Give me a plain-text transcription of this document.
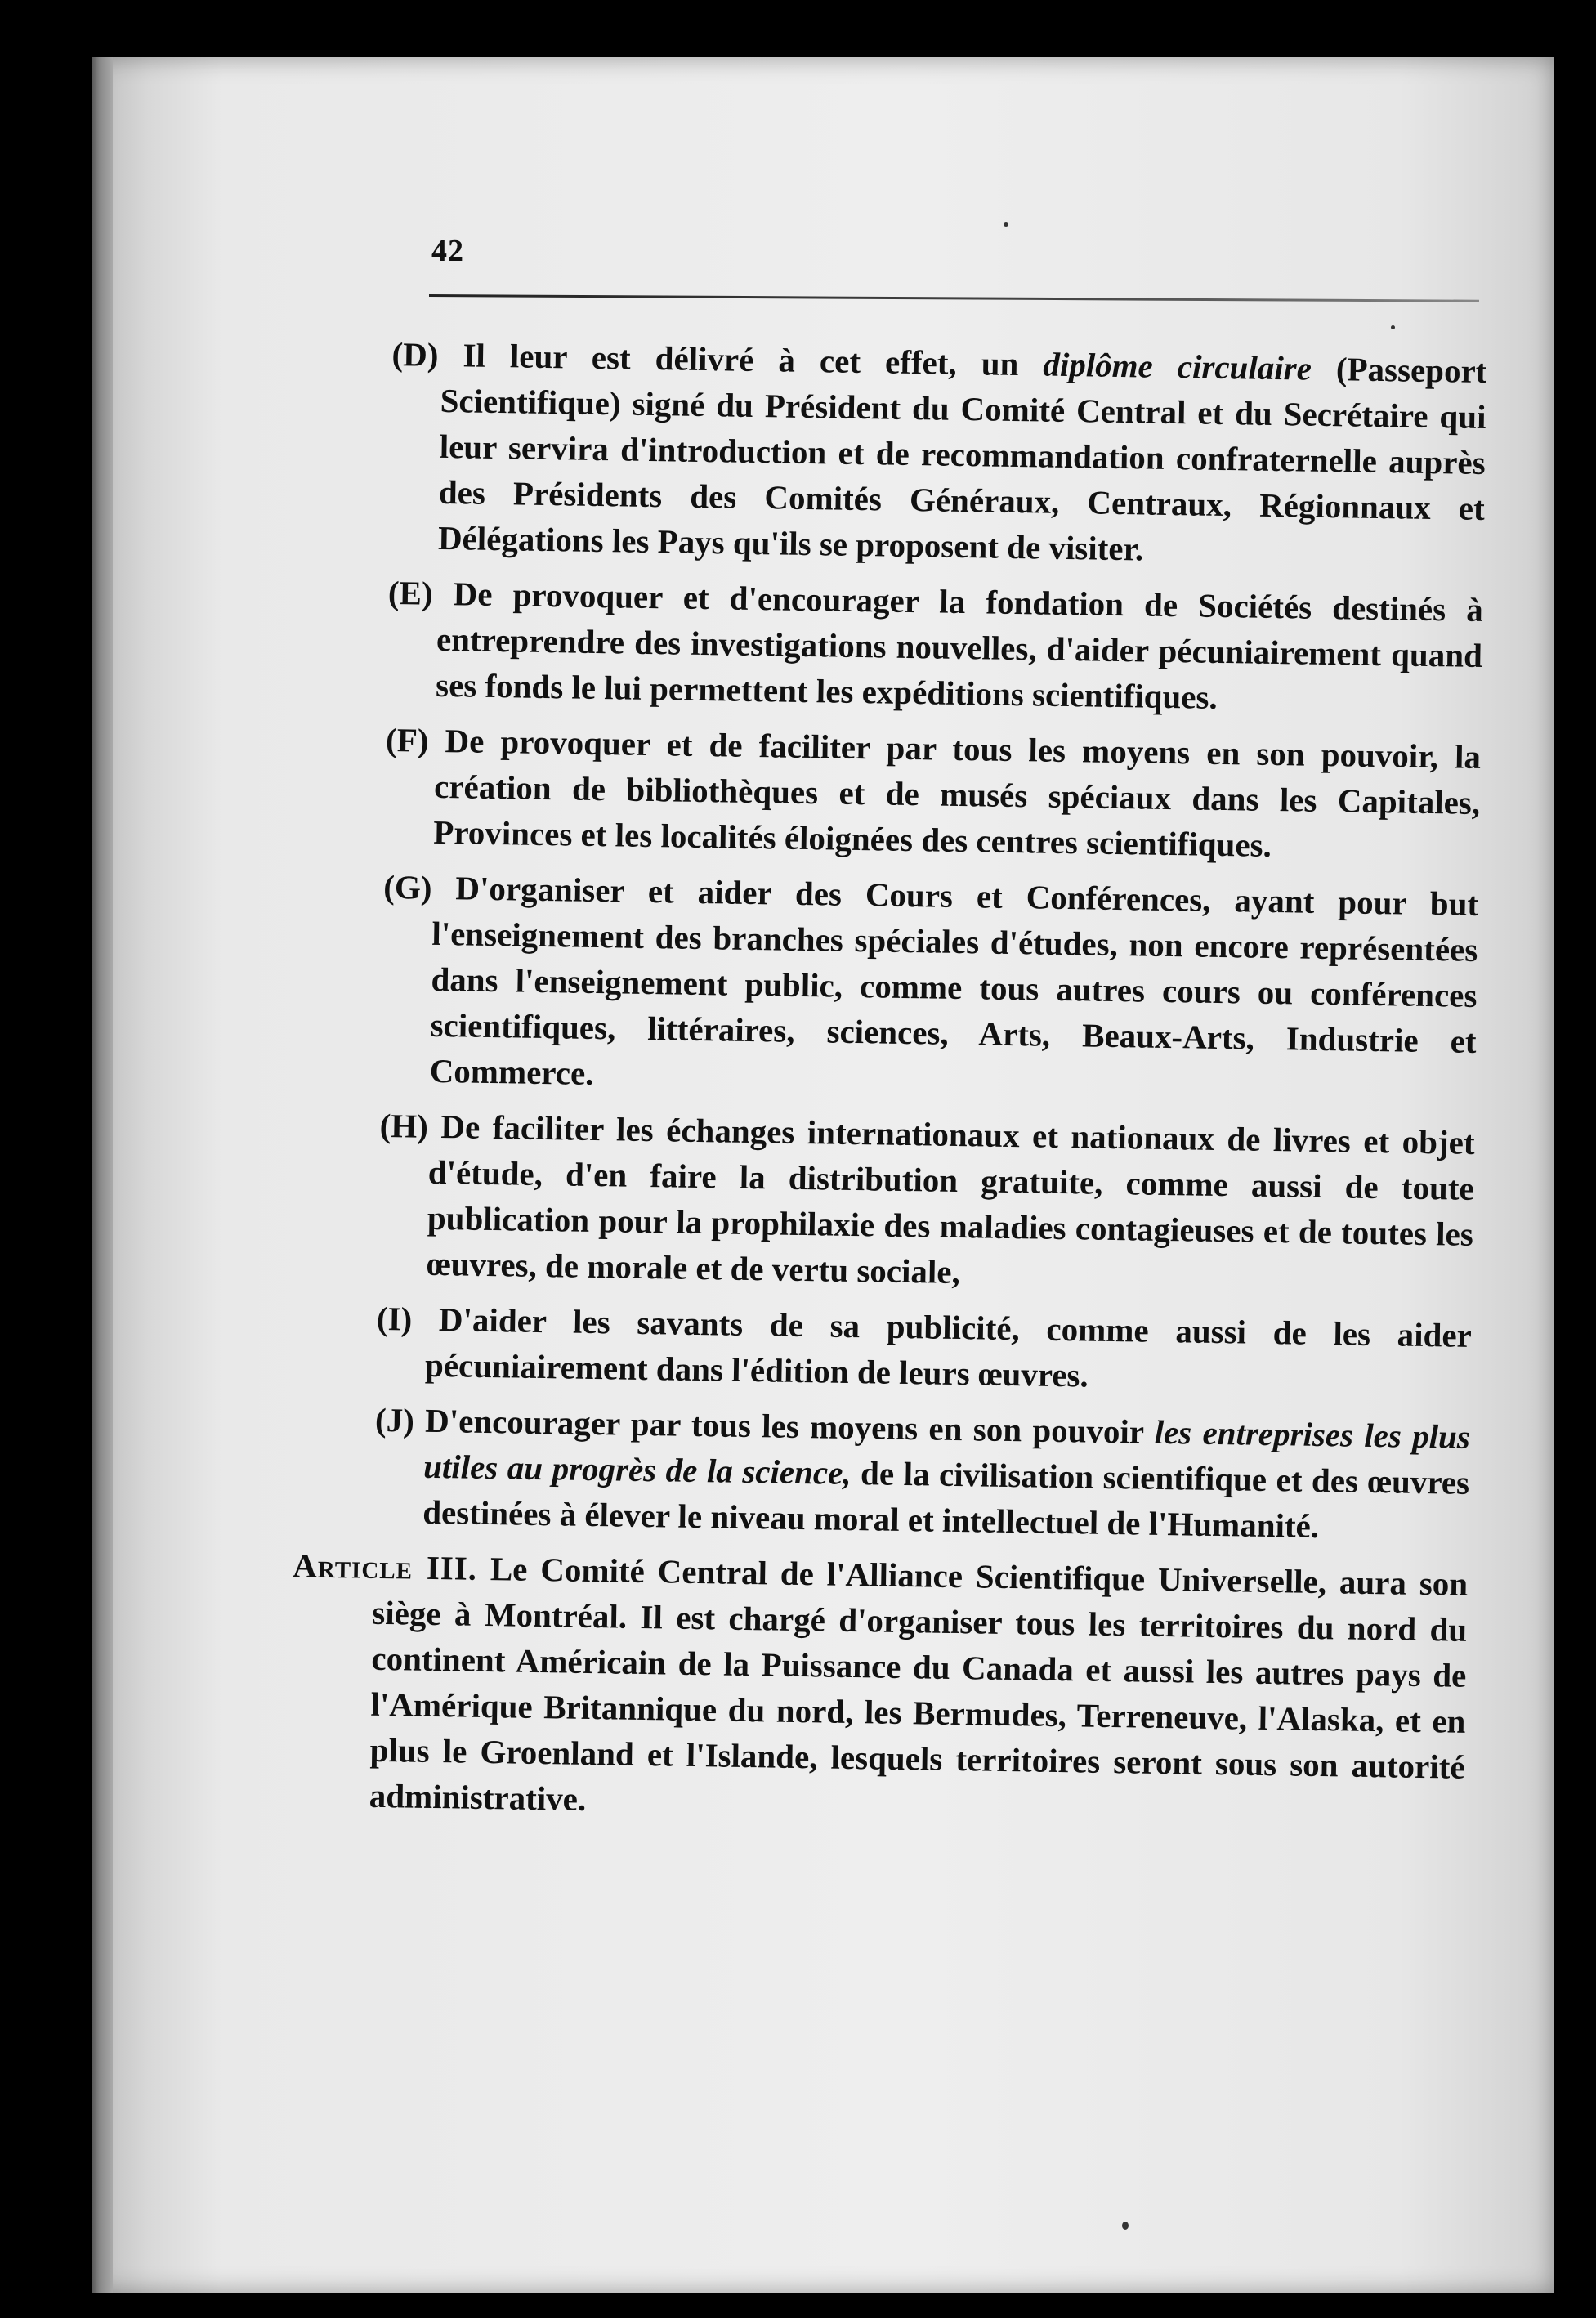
42

(D) Il leur est délivré à cet effet, un diplôme circulaire (Passeport Scientifique) signé du Président du Comité Central et du Secrétaire qui leur servira d'introduction et de recommandation confraternelle auprès des Présidents des Comités Généraux, Centraux, Régionnaux et Délégations les Pays qu'ils se proposent de visiter.

(E) De provoquer et d'encourager la fondation de Sociétés destinés à entreprendre des investigations nouvelles, d'aider pécuniairement quand ses fonds le lui permettent les expéditions scientifiques.

(F) De provoquer et de faciliter par tous les moyens en son pouvoir, la création de bibliothèques et de musés spéciaux dans les Capitales, Provinces et les localités éloignées des centres scientifiques.

(G) D'organiser et aider des Cours et Conférences, ayant pour but l'enseignement des branches spéciales d'études, non encore représentées dans l'enseignement public, comme tous autres cours ou conférences scientifiques, littéraires, sciences, Arts, Beaux-Arts, Industrie et Commerce.

(H) De faciliter les échanges internationaux et nationaux de livres et objet d'étude, d'en faire la distribution gratuite, comme aussi de toute publication pour la prophilaxie des maladies contagieuses et de toutes les œuvres, de morale et de vertu sociale,

(I) D'aider les savants de sa publicité, comme aussi de les aider pécuniairement dans l'édition de leurs œuvres.

(J) D'encourager par tous les moyens en son pouvoir les entreprises les plus utiles au progrès de la science, de la civilisation scientifique et des œuvres destinées à élever le niveau moral et intellectuel de l'Humanité.

Article III. Le Comité Central de l'Alliance Scientifique Universelle, aura son siège à Montréal. Il est chargé d'organiser tous les territoires du nord du continent Américain de la Puissance du Canada et aussi les autres pays de l'Amérique Britannique du nord, les Bermudes, Terreneuve, l'Alaska, et en plus le Groenland et l'Islande, lesquels territoires seront sous son autorité administrative.
